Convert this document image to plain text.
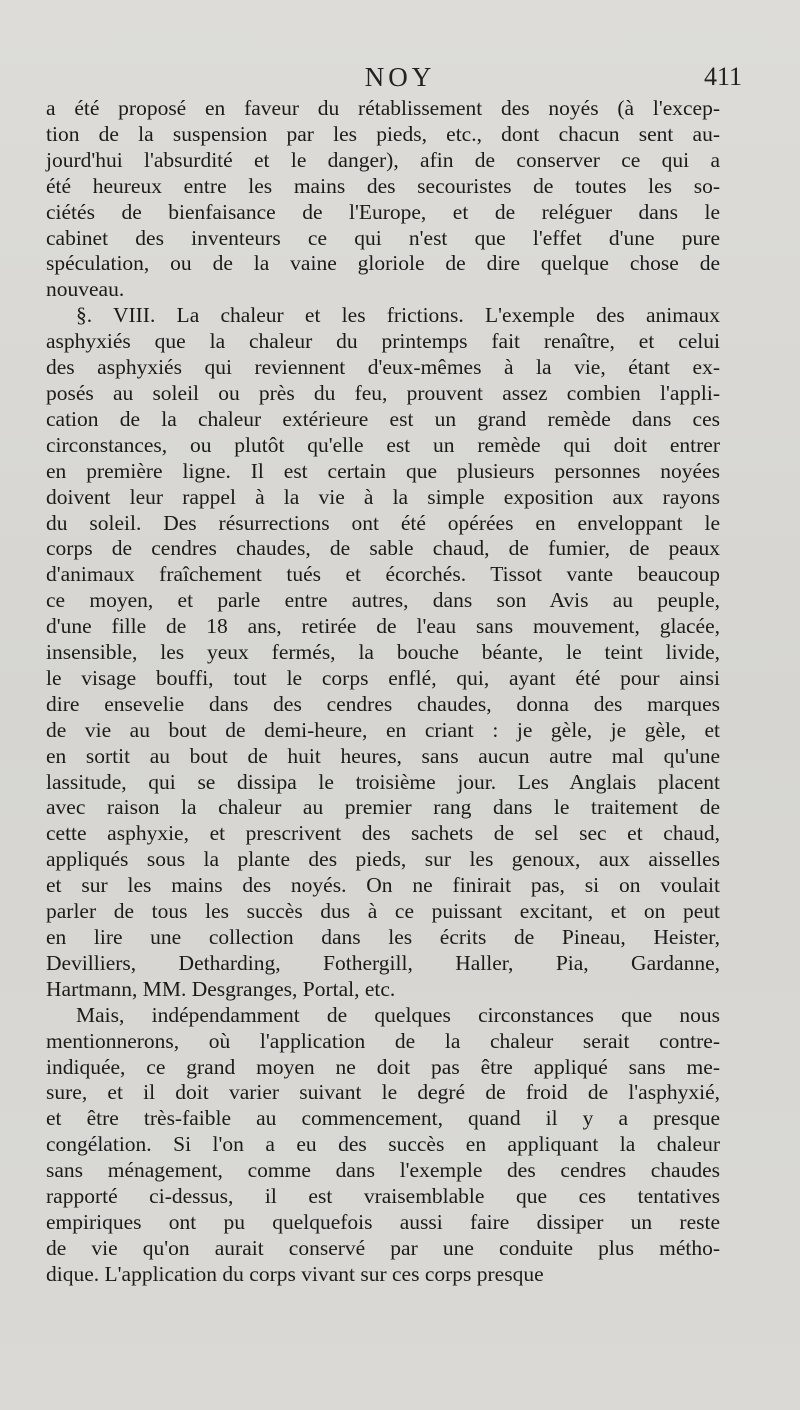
NOY	411

a été proposé en faveur du rétablissement des noyés (à l'excep-
tion de la suspension par les pieds, etc., dont chacun sent au-
jourd'hui l'absurdité et le danger), afin de conserver ce qui a
été heureux entre les mains des secouristes de toutes les so-
ciétés de bienfaisance de l'Europe, et de reléguer dans le
cabinet des inventeurs ce qui n'est que l'effet d'une pure
spéculation, ou de la vaine gloriole de dire quelque chose de
nouveau.

§. VIII. La chaleur et les frictions. L'exemple des animaux
asphyxiés que la chaleur du printemps fait renaître, et celui
des asphyxiés qui reviennent d'eux-mêmes à la vie, étant ex-
posés au soleil ou près du feu, prouvent assez combien l'appli-
cation de la chaleur extérieure est un grand remède dans ces
circonstances, ou plutôt qu'elle est un remède qui doit entrer
en première ligne. Il est certain que plusieurs personnes noyées
doivent leur rappel à la vie à la simple exposition aux rayons
du soleil. Des résurrections ont été opérées en enveloppant le
corps de cendres chaudes, de sable chaud, de fumier, de peaux
d'animaux fraîchement tués et écorchés. Tissot vante beaucoup
ce moyen, et parle entre autres, dans son Avis au peuple,
d'une fille de 18 ans, retirée de l'eau sans mouvement, glacée,
insensible, les yeux fermés, la bouche béante, le teint livide,
le visage bouffi, tout le corps enflé, qui, ayant été pour ainsi
dire ensevelie dans des cendres chaudes, donna des marques
de vie au bout de demi-heure, en criant : je gèle, je gèle, et
en sortit au bout de huit heures, sans aucun autre mal qu'une
lassitude, qui se dissipa le troisième jour. Les Anglais placent
avec raison la chaleur au premier rang dans le traitement de
cette asphyxie, et prescrivent des sachets de sel sec et chaud,
appliqués sous la plante des pieds, sur les genoux, aux aisselles
et sur les mains des noyés. On ne finirait pas, si on voulait
parler de tous les succès dus à ce puissant excitant, et on peut
en lire une collection dans les écrits de Pineau, Heister,
Devilliers, Detharding, Fothergill, Haller, Pia, Gardanne,
Hartmann, MM. Desgranges, Portal, etc.

Mais, indépendamment de quelques circonstances que nous
mentionnerons, où l'application de la chaleur serait contre-
indiquée, ce grand moyen ne doit pas être appliqué sans me-
sure, et il doit varier suivant le degré de froid de l'asphyxié,
et être très-faible au commencement, quand il y a presque
congélation. Si l'on a eu des succès en appliquant la chaleur
sans ménagement, comme dans l'exemple des cendres chaudes
rapporté ci-dessus, il est vraisemblable que ces tentatives
empiriques ont pu quelquefois aussi faire dissiper un reste
de vie qu'on aurait conservé par une conduite plus métho-
dique. L'application du corps vivant sur ces corps presque
